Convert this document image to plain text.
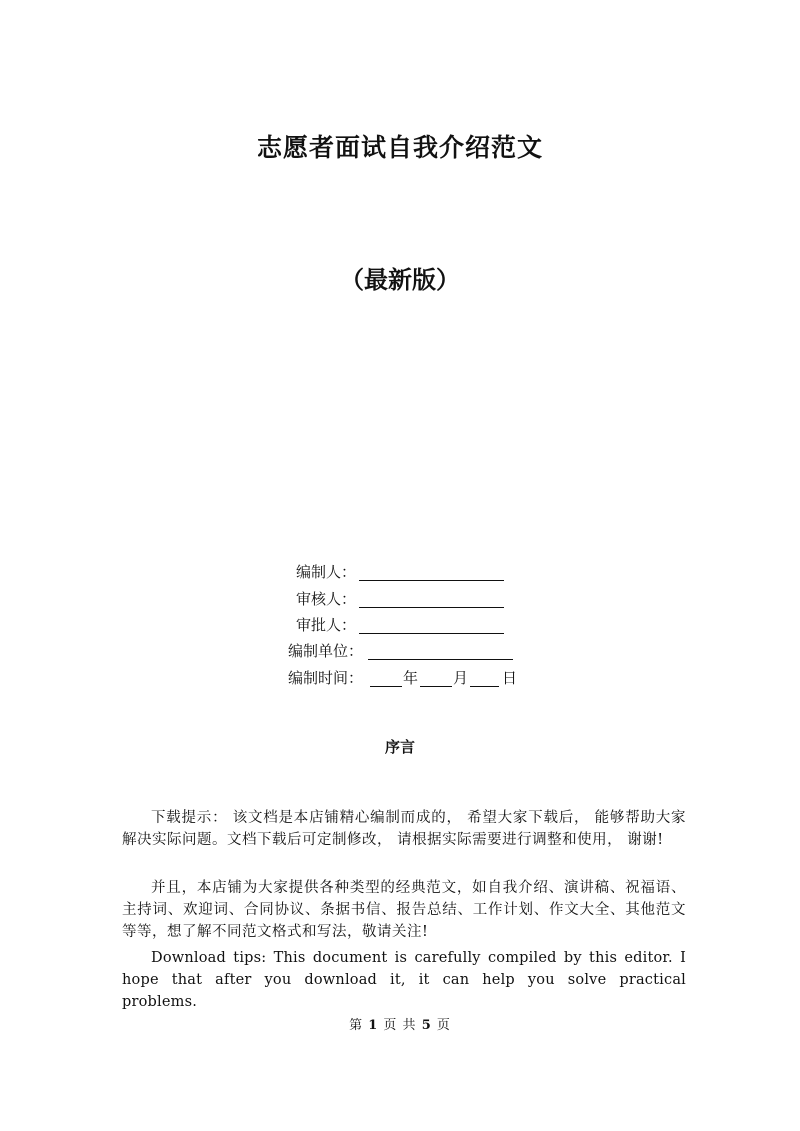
志愿者面试自我介绍范文
（最新版）
编制人：
审核人：
审批人：
编制单位：
编制时间：	年 月 日
序言

下载提示： 该文档是本店铺精心编制而成的， 希望大家下载后， 能够帮助大家解决实际问题。文档下载后可定制修改， 请根据实际需要进行调整和使用， 谢谢!

并且，本店铺为大家提供各种类型的经典范文，如自我介绍、演讲稿、祝福语、主持词、欢迎词、合同协议、条据书信、报告总结、工作计划、作文大全、其他范文等等，想了解不同范文格式和写法，敬请关注!

Download tips: This document is carefully compiled by this editor. I hope that after you download it, it can help you solve practical problems.

第 1 页 共 5 页
